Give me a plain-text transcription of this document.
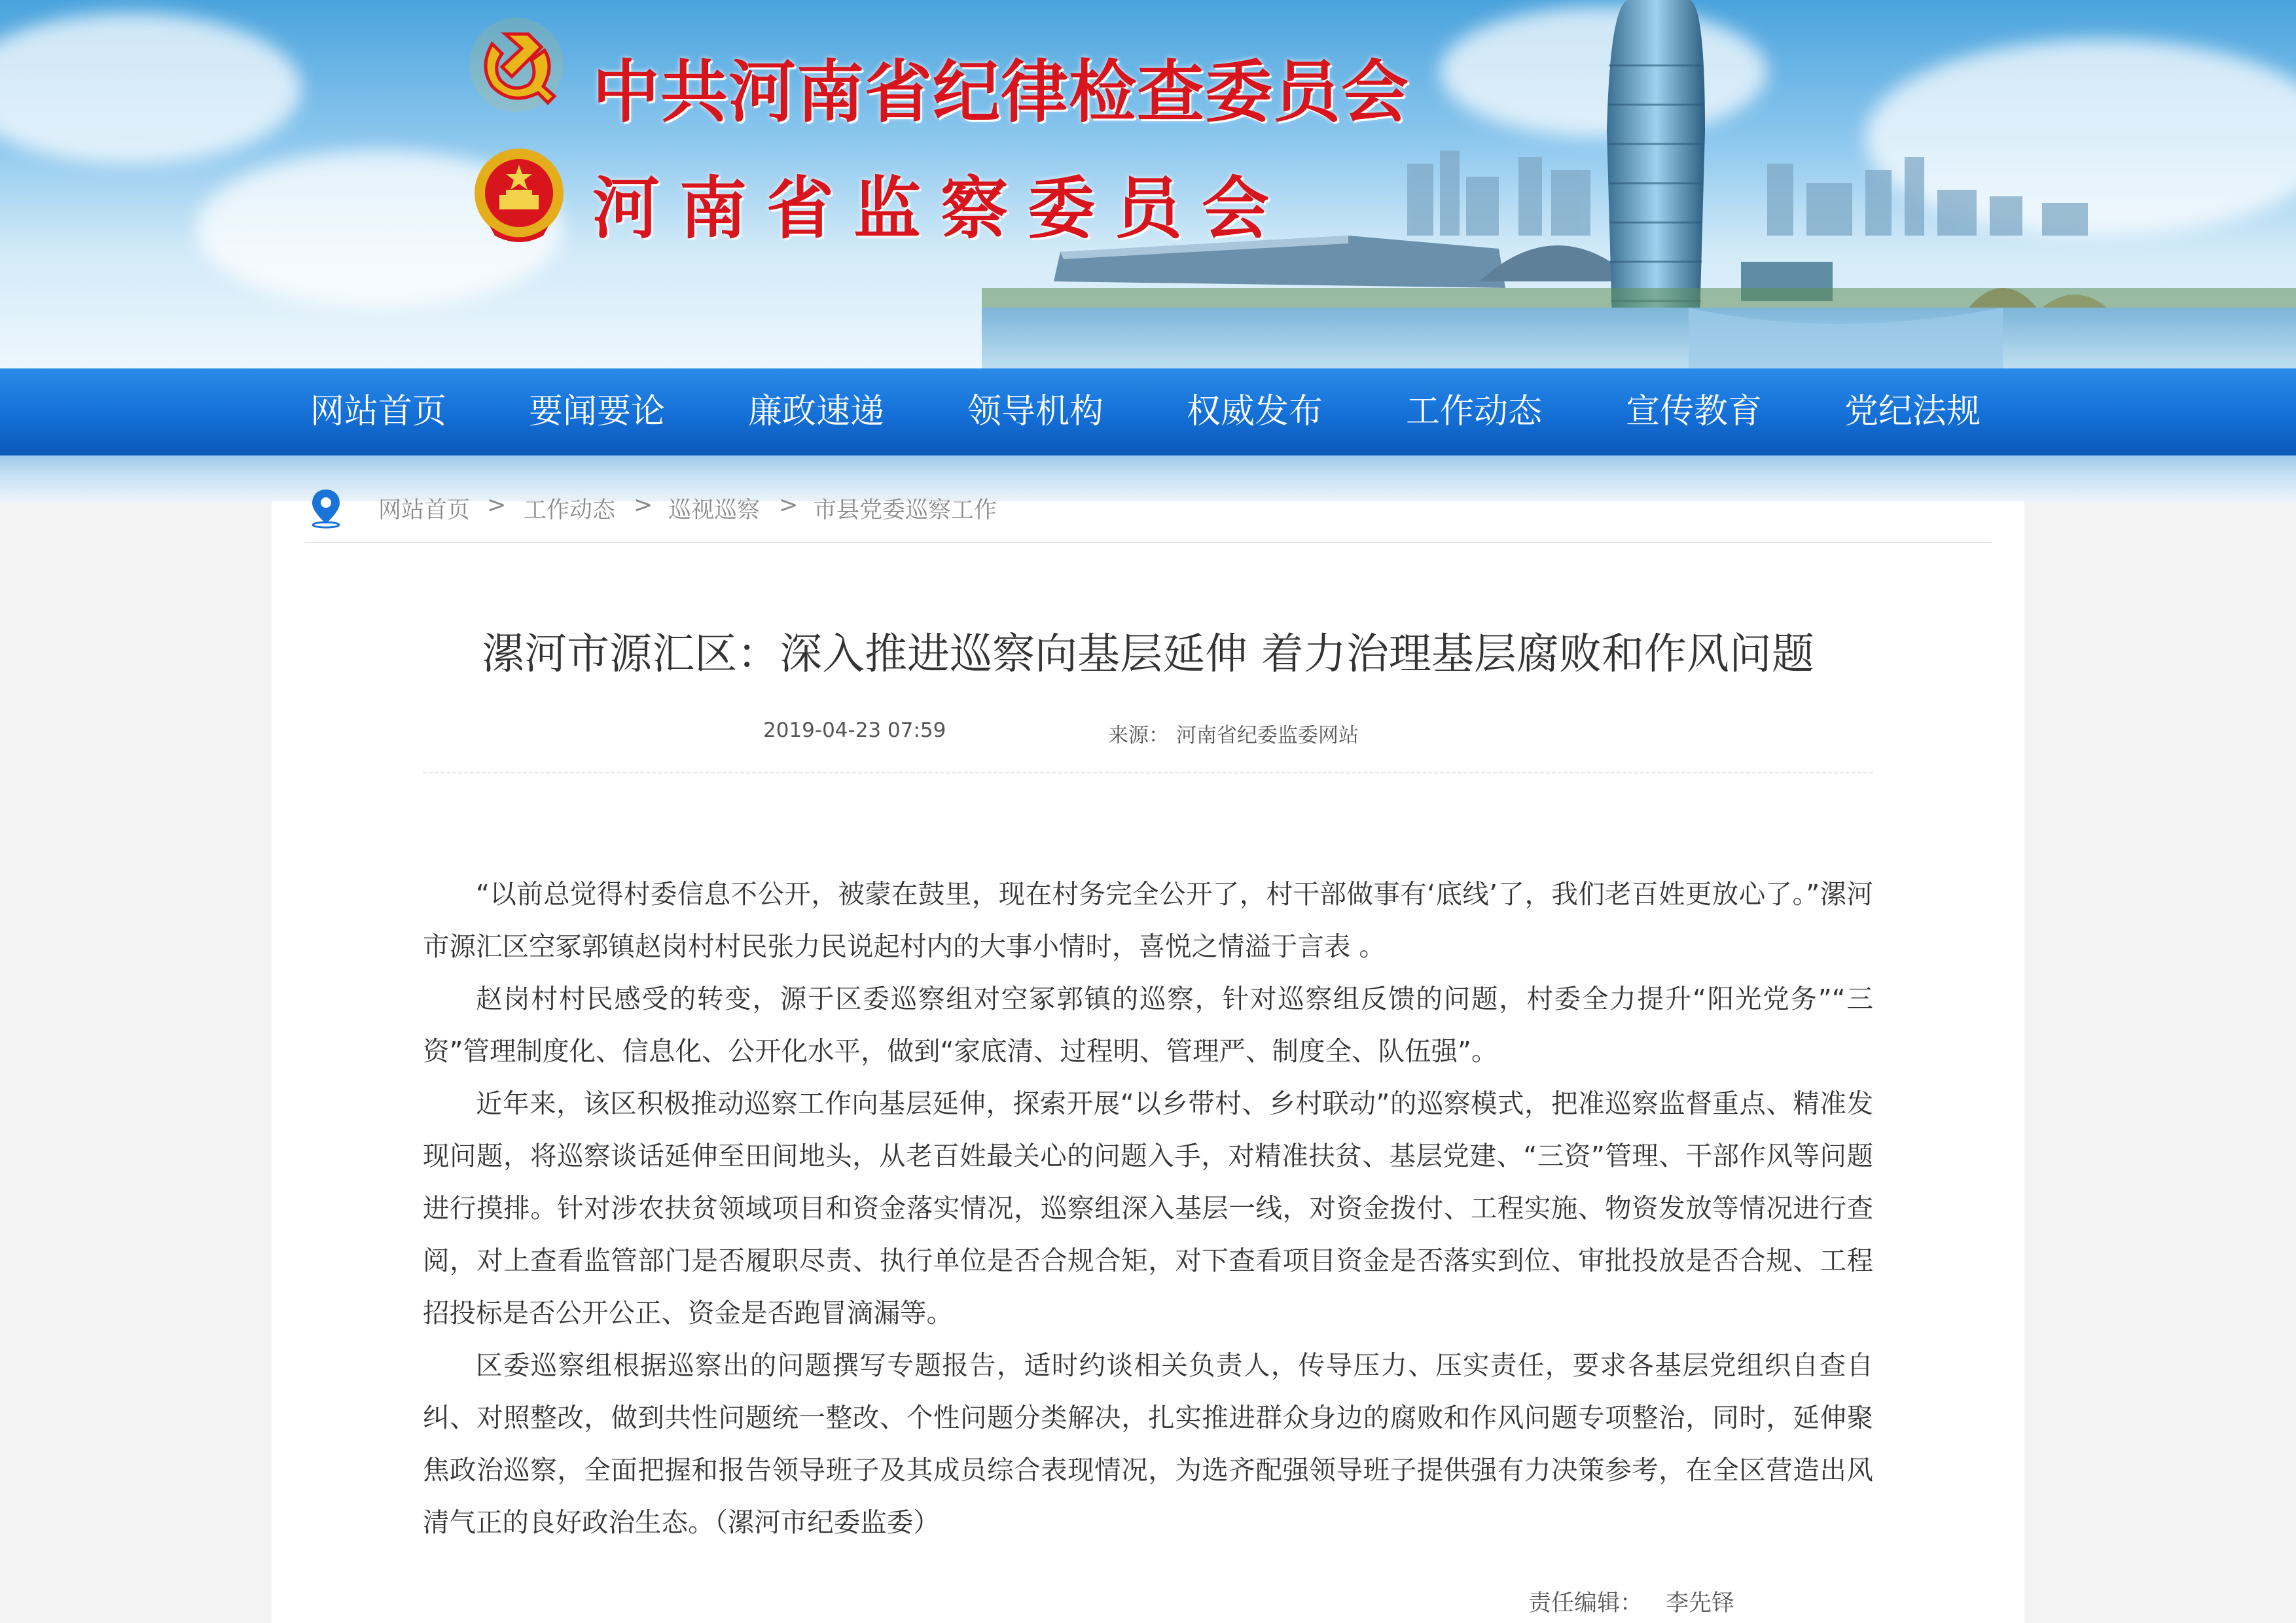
中共河南省纪律检查委员会
河南省监察委员会
网站首页 要闻要论 廉政速递 领导机构 权威发布 工作动态 宣传教育 党纪法规
网站首页 > 工作动态 > 巡视巡察 > 市县党委巡察工作
漯河市源汇区：深入推进巡察向基层延伸 着力治理基层腐败和作风问题
2019-04-23 07:59	来源： 河南省纪委监委网站

“以前总觉得村委信息不公开，被蒙在鼓里，现在村务完全公开了，村干部做事有‘底线’了，我们老百姓更放心了。”漯河市源汇区空冢郭镇赵岗村村民张力民说起村内的大事小情时，喜悦之情溢于言表 。

赵岗村村民感受的转变，源于区委巡察组对空冢郭镇的巡察，针对巡察组反馈的问题，村委全力提升“阳光党务”“三资”管理制度化、信息化、公开化水平，做到“家底清、过程明、管理严、制度全、队伍强”。

近年来，该区积极推动巡察工作向基层延伸，探索开展“以乡带村、乡村联动”的巡察模式，把准巡察监督重点、精准发现问题，将巡察谈话延伸至田间地头，从老百姓最关心的问题入手，对精准扶贫、基层党建、“三资”管理、干部作风等问题进行摸排。针对涉农扶贫领域项目和资金落实情况，巡察组深入基层一线，对资金拨付、工程实施、物资发放等情况进行查阅，对上查看监管部门是否履职尽责、执行单位是否合规合矩，对下查看项目资金是否落实到位、审批投放是否合规、工程招投标是否公开公正、资金是否跑冒滴漏等。

区委巡察组根据巡察出的问题撰写专题报告，适时约谈相关负责人，传导压力、压实责任，要求各基层党组织自查自纠、对照整改，做到共性问题统一整改、个性问题分类解决，扎实推进群众身边的腐败和作风问题专项整治，同时，延伸聚焦政治巡察，全面把握和报告领导班子及其成员综合表现情况，为选齐配强领导班子提供强有力决策参考，在全区营造出风清气正的良好政治生态。（漯河市纪委监委）

责任编辑： 李先铎
